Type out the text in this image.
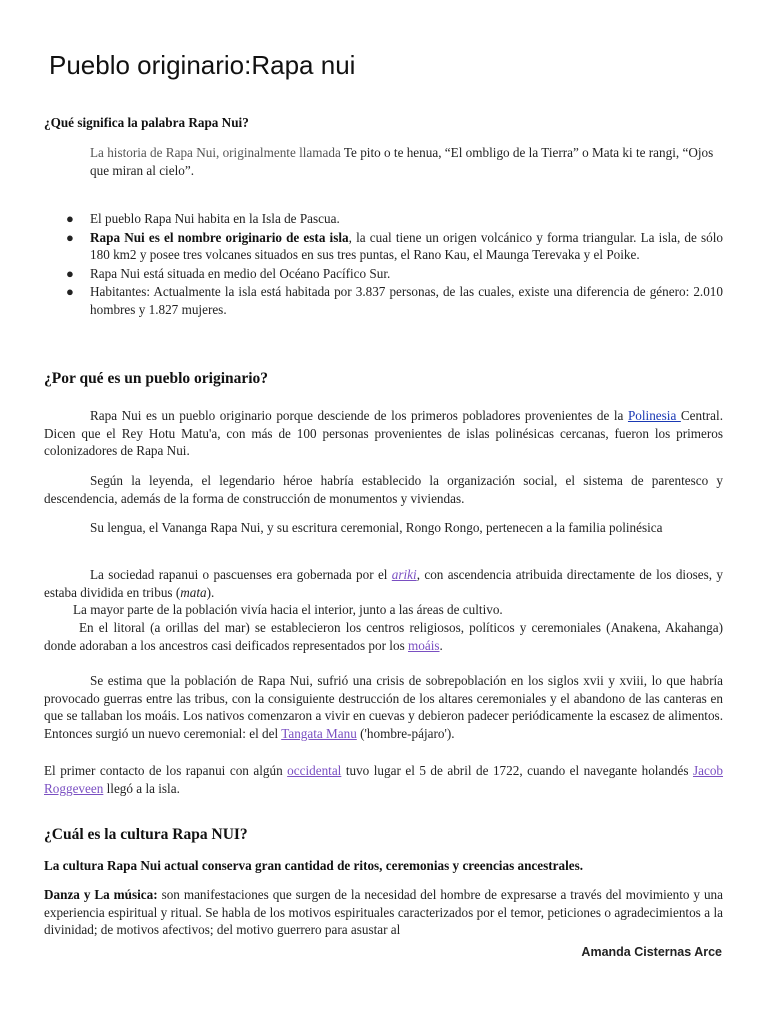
Pueblo originario:Rapa nui

¿Qué significa la palabra Rapa Nui?

La historia de Rapa Nui, originalmente llamada Te pito o te henua, “El ombligo de la Tierra” o Mata ki te rangi, “Ojos que miran al cielo”.

● El pueblo Rapa Nui habita en la Isla de Pascua.
● Rapa Nui es el nombre originario de esta isla, la cual tiene un origen volcánico y forma triangular. La isla, de sólo 180 km2 y posee tres volcanes situados en sus tres puntas, el Rano Kau, el Maunga Terevaka y el Poike.
● Rapa Nui está situada en medio del Océano Pacífico Sur.
● Habitantes: Actualmente la isla está habitada por 3.837 personas, de las cuales, existe una diferencia de género: 2.010 hombres y 1.827 mujeres.
¿Por qué es un pueblo originario?

Rapa Nui es un pueblo originario porque desciende de los primeros pobladores provenientes de la Polinesia Central. Dicen que el Rey Hotu Matu'a, con más de 100 personas provenientes de islas polinésicas cercanas, fueron los primeros colonizadores de Rapa Nui.

Según la leyenda, el legendario héroe habría establecido la organización social, el sistema de parentesco y descendencia, además de la forma de construcción de monumentos y viviendas.

Su lengua, el Vananga Rapa Nui, y su escritura ceremonial, Rongo Rongo, pertenecen a la familia polinésica

La sociedad rapanui o pascuenses era gobernada por el ariki, con ascendencia atribuida directamente de los dioses, y estaba dividida en tribus (mata).

La mayor parte de la población vivía hacia el interior, junto a las áreas de cultivo.

En el litoral (a orillas del mar) se establecieron los centros religiosos, políticos y ceremoniales (Anakena, Akahanga) donde adoraban a los ancestros casi deificados representados por los moáis.

Se estima que la población de Rapa Nui, sufrió una crisis de sobrepoblación en los siglos xvii y xviii, lo que habría provocado guerras entre las tribus, con la consiguiente destrucción de los altares ceremoniales y el abandono de las canteras en que se tallaban los moáis. Los nativos comenzaron a vivir en cuevas y debieron padecer periódicamente la escasez de alimentos. Entonces surgió un nuevo ceremonial: el del Tangata Manu ('hombre-pájaro').

El primer contacto de los rapanui con algún occidental tuvo lugar el 5 de abril de 1722, cuando el navegante holandés Jacob Roggeveen llegó a la isla.

¿Cuál es la cultura Rapa NUI?

La cultura Rapa Nui actual conserva gran cantidad de ritos, ceremonias y creencias ancestrales.

Danza y La música: son manifestaciones que surgen de la necesidad del hombre de expresarse a través del movimiento y una experiencia espiritual y ritual. Se habla de los motivos espirituales caracterizados por el temor, peticiones o agradecimientos a la divinidad; de motivos afectivos; del motivo guerrero para asustar al

Amanda Cisternas Arce
